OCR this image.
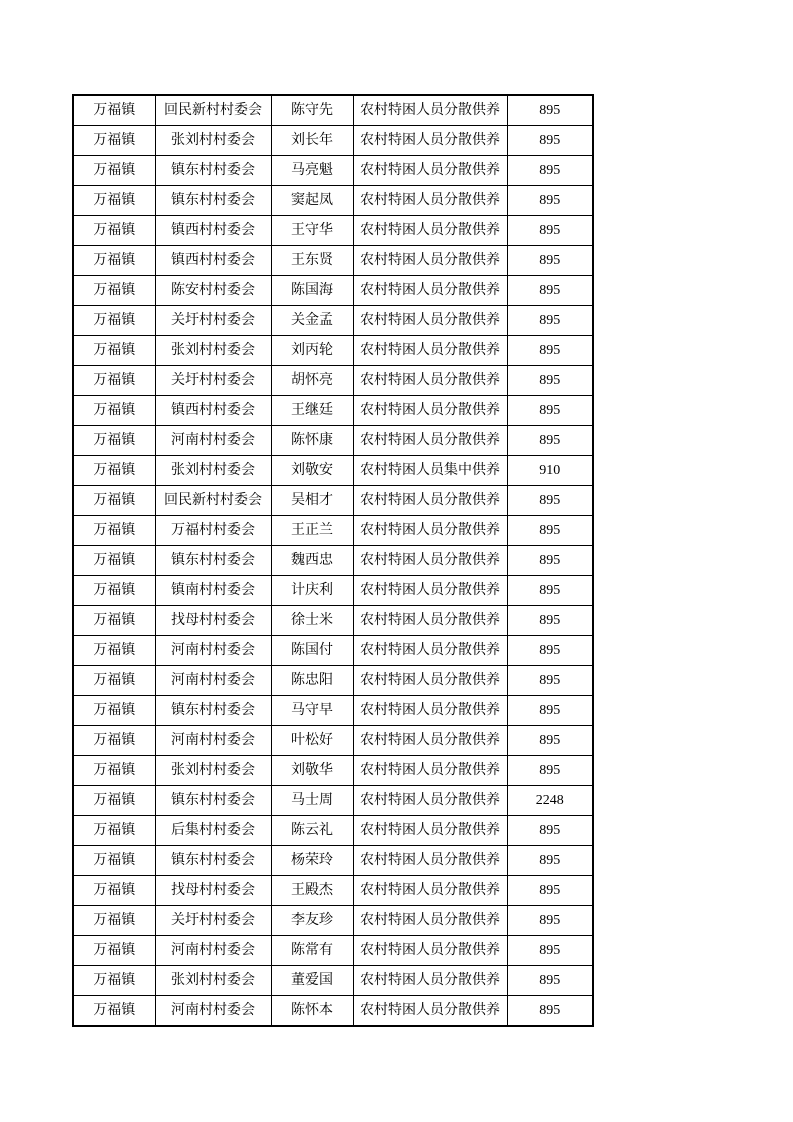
万福镇	回民新村村委会	陈守先	农村特困人员分散供养	895
万福镇	张刘村村委会	刘长年	农村特困人员分散供养	895
万福镇	镇东村村委会	马亮魁	农村特困人员分散供养	895
万福镇	镇东村村委会	窦起凤	农村特困人员分散供养	895
万福镇	镇西村村委会	王守华	农村特困人员分散供养	895
万福镇	镇西村村委会	王东贤	农村特困人员分散供养	895
万福镇	陈安村村委会	陈国海	农村特困人员分散供养	895
万福镇	关圩村村委会	关金孟	农村特困人员分散供养	895
万福镇	张刘村村委会	刘丙轮	农村特困人员分散供养	895
万福镇	关圩村村委会	胡怀亮	农村特困人员分散供养	895
万福镇	镇西村村委会	王继廷	农村特困人员分散供养	895
万福镇	河南村村委会	陈怀康	农村特困人员分散供养	895
万福镇	张刘村村委会	刘敬安	农村特困人员集中供养	910
万福镇	回民新村村委会	吴相才	农村特困人员分散供养	895
万福镇	万福村村委会	王正兰	农村特困人员分散供养	895
万福镇	镇东村村委会	魏西忠	农村特困人员分散供养	895
万福镇	镇南村村委会	计庆利	农村特困人员分散供养	895
万福镇	找母村村委会	徐士米	农村特困人员分散供养	895
万福镇	河南村村委会	陈国付	农村特困人员分散供养	895
万福镇	河南村村委会	陈忠阳	农村特困人员分散供养	895
万福镇	镇东村村委会	马守早	农村特困人员分散供养	895
万福镇	河南村村委会	叶松好	农村特困人员分散供养	895
万福镇	张刘村村委会	刘敬华	农村特困人员分散供养	895
万福镇	镇东村村委会	马士周	农村特困人员分散供养	2248
万福镇	后集村村委会	陈云礼	农村特困人员分散供养	895
万福镇	镇东村村委会	杨荣玲	农村特困人员分散供养	895
万福镇	找母村村委会	王殿杰	农村特困人员分散供养	895
万福镇	关圩村村委会	李友珍	农村特困人员分散供养	895
万福镇	河南村村委会	陈常有	农村特困人员分散供养	895
万福镇	张刘村村委会	董爱国	农村特困人员分散供养	895
万福镇	河南村村委会	陈怀本	农村特困人员分散供养	895
